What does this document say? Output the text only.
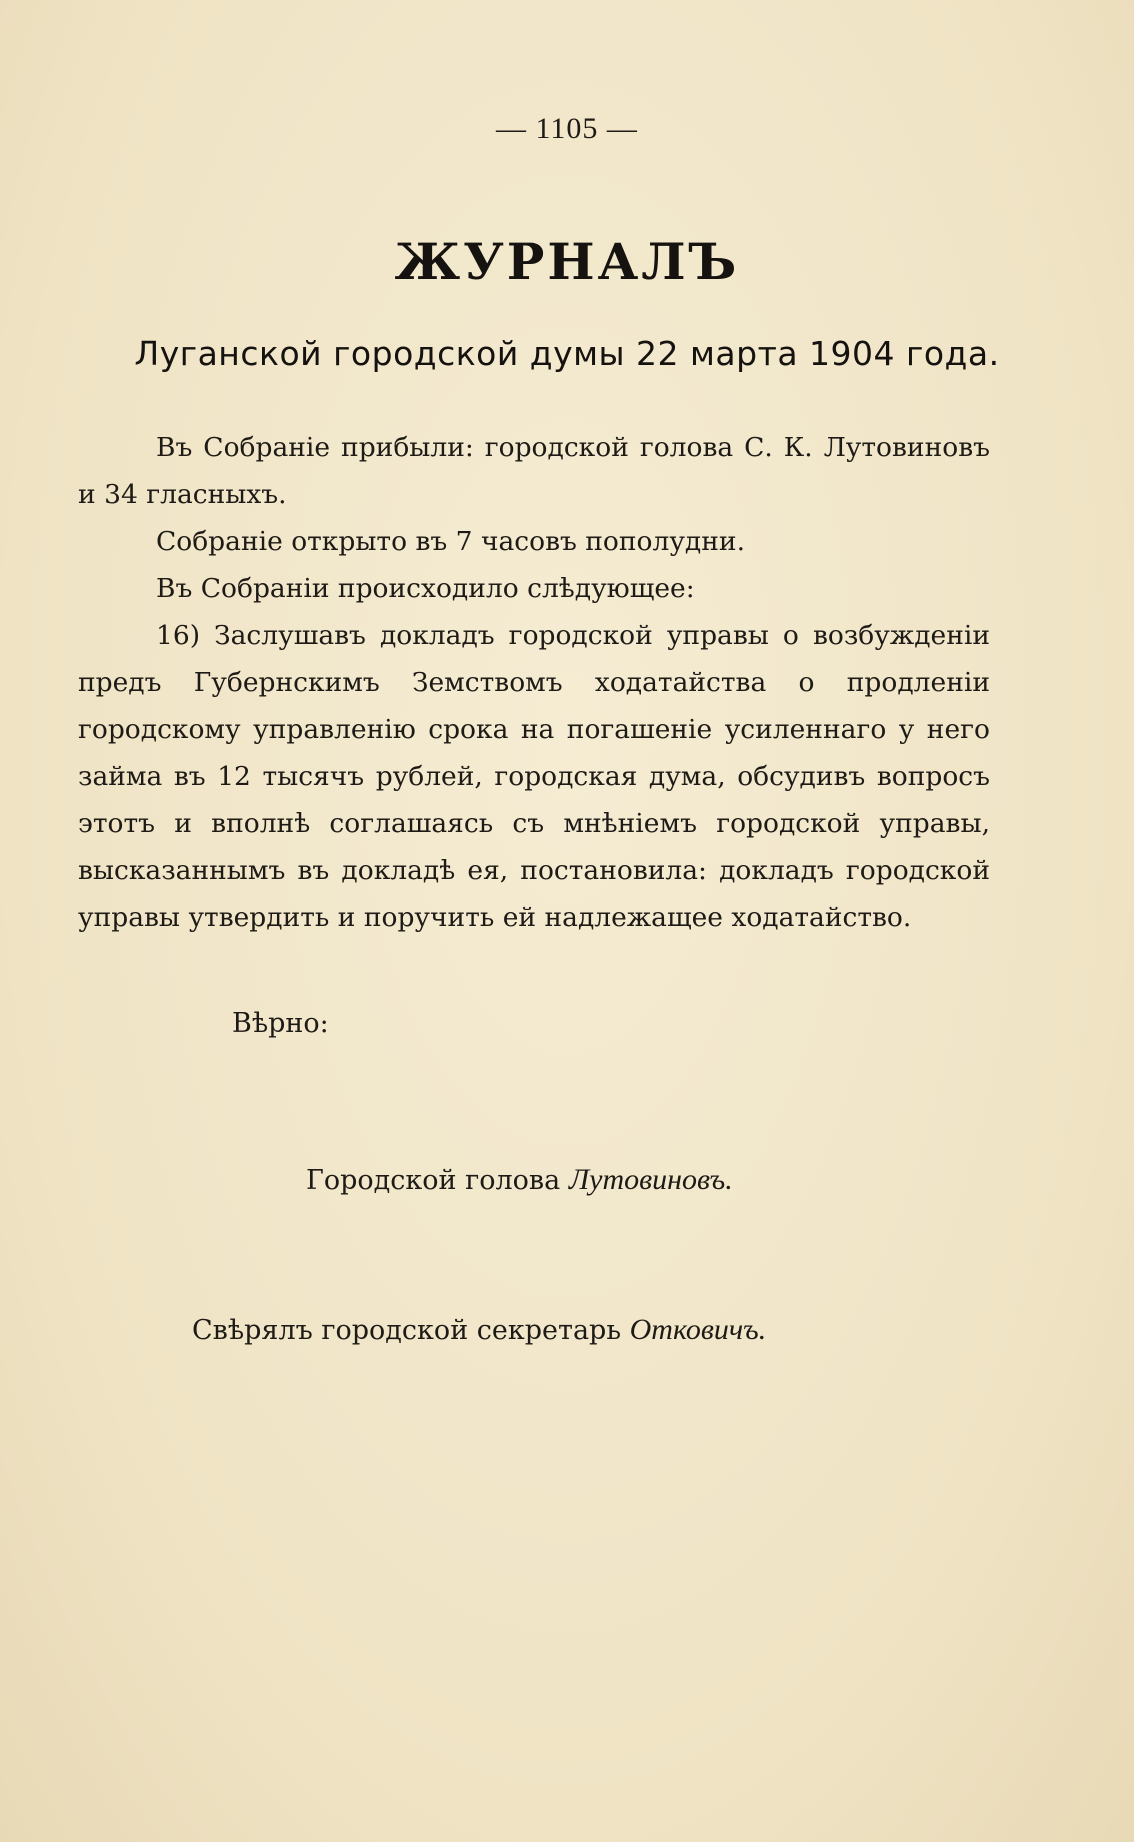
— 1105 —
ЖУРНАЛЪ
Луганской городской думы 22 марта 1904 года.

Въ Собраніе прибыли: городской голова С. К. Лутовиновъ и 34 гласныхъ.

Собраніе открыто въ 7 часовъ пополудни.

Въ Собраніи происходило слѣдующее:

16) Заслушавъ докладъ городской управы о возбужденіи предъ Губернскимъ Земствомъ ходатайства о продленіи городскому управленію срока на погашеніе усиленнаго у него займа въ 12 тысячъ рублей, городская дума, обсудивъ вопросъ этотъ и вполнѣ соглашаясь съ мнѣніемъ городской управы, высказаннымъ въ докладѣ ея, постановила: докладъ городской управы утвердить и поручить ей надлежащее ходатайство.

Вѣрно:
Городской голова Лутовиновъ.
Свѣрялъ городской секретарь Отковичъ.
